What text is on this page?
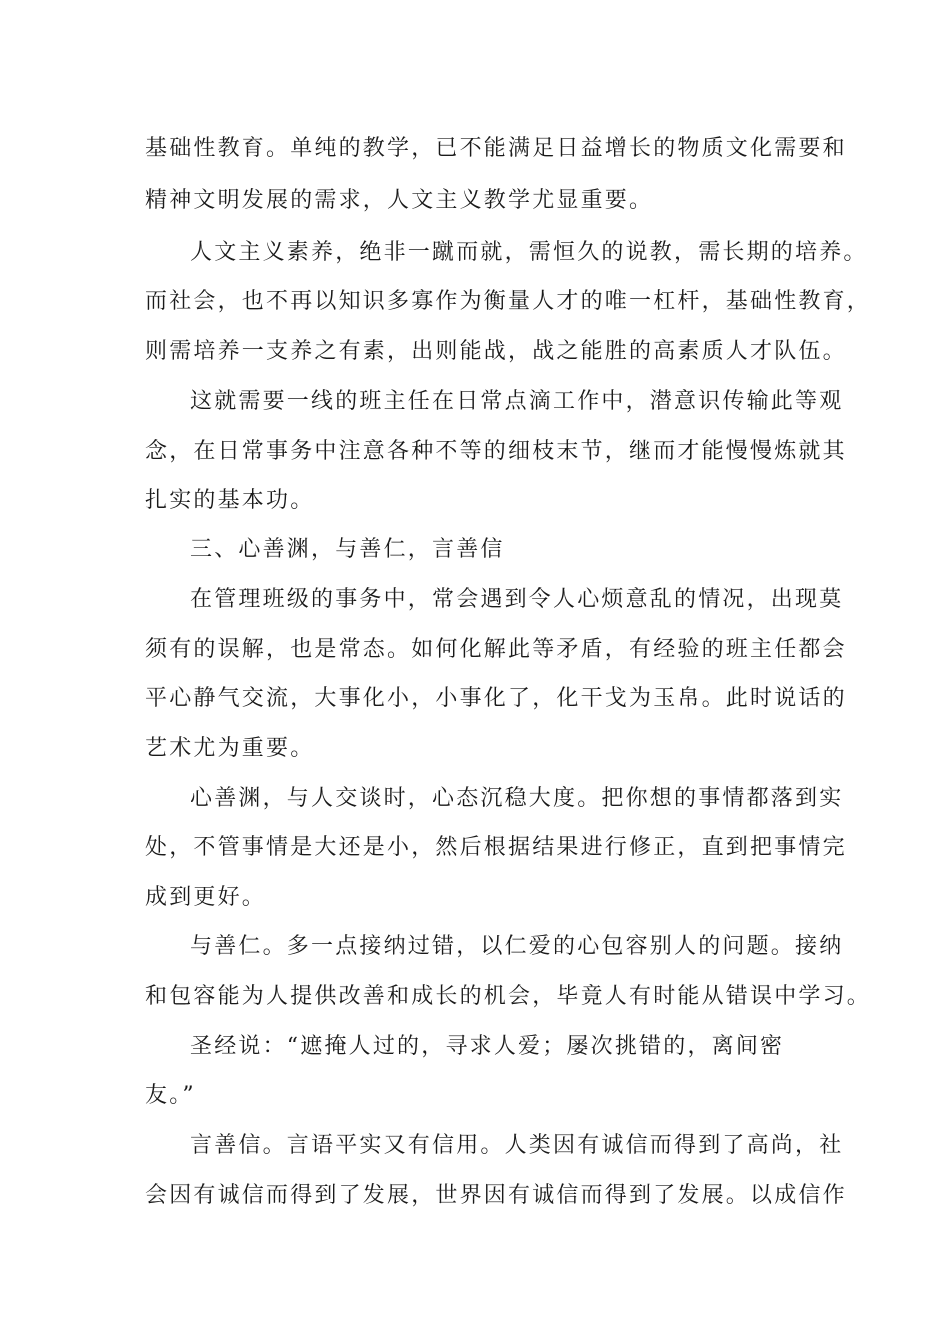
基础性教育。单纯的教学，已不能满足日益增长的物质文化需要和
精神文明发展的需求，人文主义教学尤显重要。
人文主义素养，绝非一蹴而就，需恒久的说教，需长期的培养。
而社会，也不再以知识多寡作为衡量人才的唯一杠杆，基础性教育，
则需培养一支养之有素，出则能战，战之能胜的高素质人才队伍。
这就需要一线的班主任在日常点滴工作中，潜意识传输此等观
念，在日常事务中注意各种不等的细枝末节，继而才能慢慢炼就其
扎实的基本功。
三、心善渊，与善仁，言善信
在管理班级的事务中，常会遇到令人心烦意乱的情况，出现莫
须有的误解，也是常态。如何化解此等矛盾，有经验的班主任都会
平心静气交流，大事化小，小事化了，化干戈为玉帛。此时说话的
艺术尤为重要。
心善渊，与人交谈时，心态沉稳大度。把你想的事情都落到实
处，不管事情是大还是小，然后根据结果进行修正，直到把事情完
成到更好。
与善仁。多一点接纳过错，以仁爱的心包容别人的问题。接纳
和包容能为人提供改善和成长的机会，毕竟人有时能从错误中学习。
圣经说：“遮掩人过的，寻求人爱；屡次挑错的，离间密
友。”
言善信。言语平实又有信用。人类因有诚信而得到了高尚，社
会因有诚信而得到了发展，世界因有诚信而得到了发展。以成信作
